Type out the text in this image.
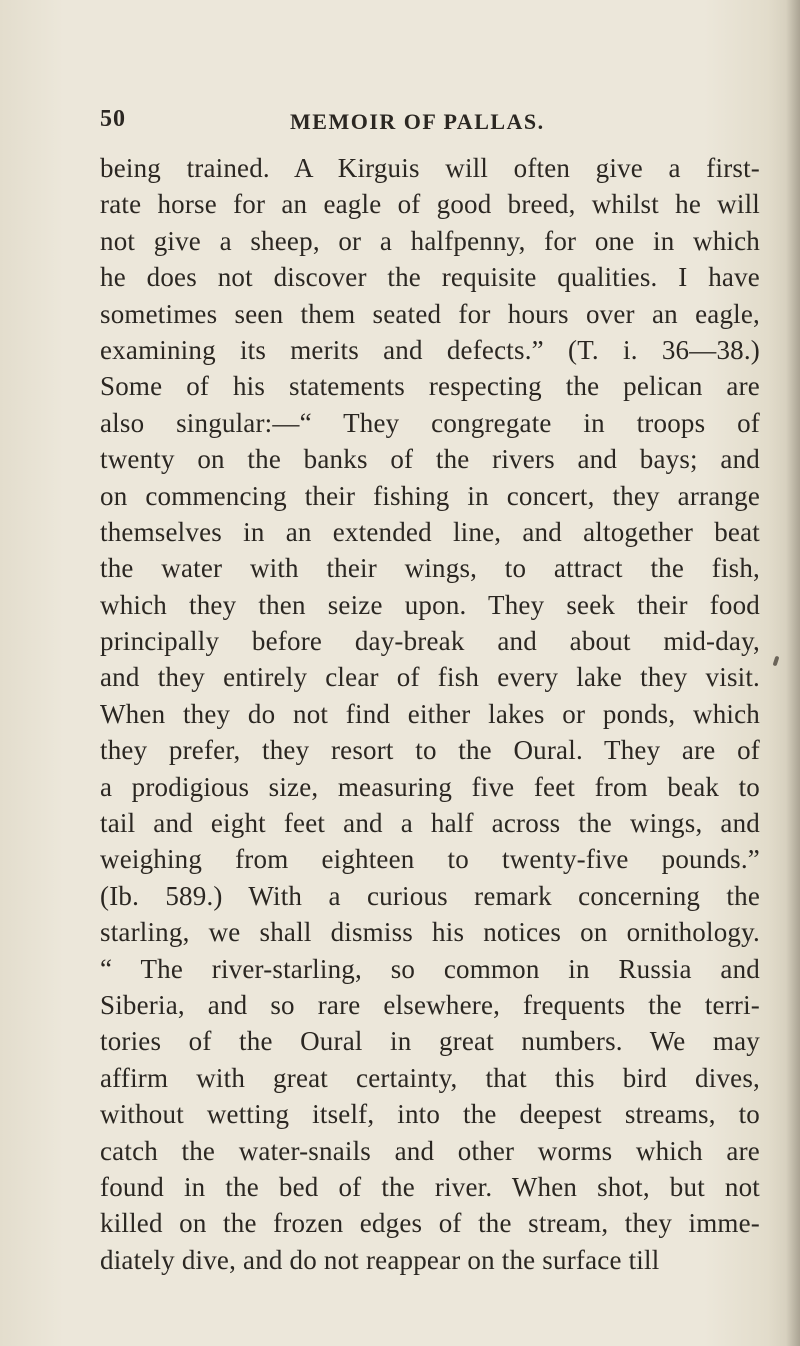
50	MEMOIR OF PALLAS.
being trained. A Kirguis will often give a first-
rate horse for an eagle of good breed, whilst he will
not give a sheep, or a halfpenny, for one in which
he does not discover the requisite qualities. I have
sometimes seen them seated for hours over an eagle,
examining its merits and defects.” (T. i. 36—38.)
Some of his statements respecting the pelican are
also singular:—“ They congregate in troops of
twenty on the banks of the rivers and bays; and
on commencing their fishing in concert, they arrange
themselves in an extended line, and altogether beat
the water with their wings, to attract the fish,
which they then seize upon. They seek their food
principally before day-break and about mid-day,
and they entirely clear of fish every lake they visit.
When they do not find either lakes or ponds, which
they prefer, they resort to the Oural. They are of
a prodigious size, measuring five feet from beak to
tail and eight feet and a half across the wings, and
weighing from eighteen to twenty-five pounds.”
(Ib. 589.) With a curious remark concerning the
starling, we shall dismiss his notices on ornithology.
“ The river-starling, so common in Russia and
Siberia, and so rare elsewhere, frequents the terri-
tories of the Oural in great numbers. We may
affirm with great certainty, that this bird dives,
without wetting itself, into the deepest streams, to
catch the water-snails and other worms which are
found in the bed of the river. When shot, but not
killed on the frozen edges of the stream, they imme-
diately dive, and do not reappear on the surface till
